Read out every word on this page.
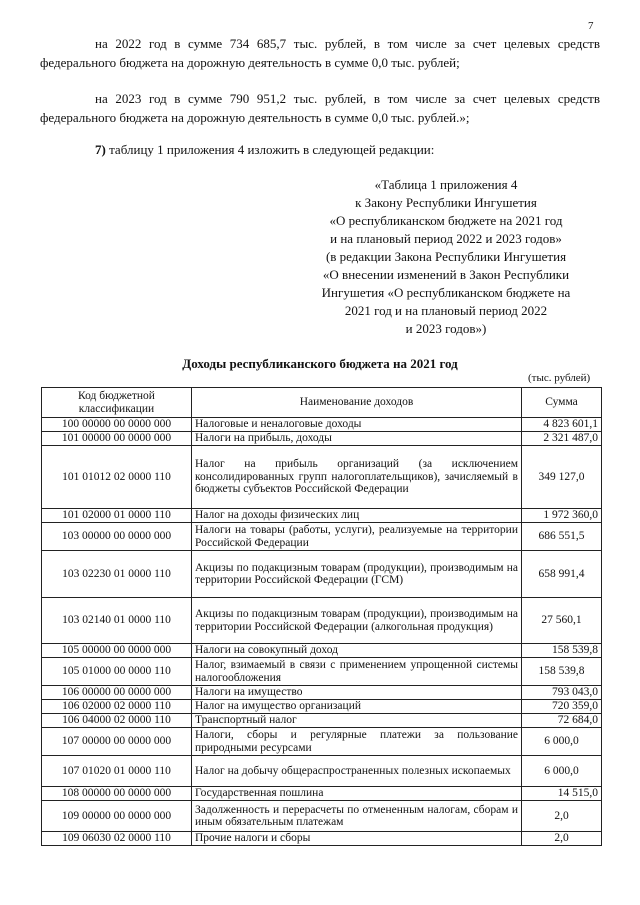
7

на 2022 год в сумме 734 685,7 тыс. рублей, в том числе за счет целевых средств федерального бюджета на дорожную деятельность в сумме 0,0 тыс. рублей;

на 2023 год в сумме 790 951,2 тыс. рублей, в том числе за счет целевых средств федерального бюджета на дорожную деятельность в сумме 0,0 тыс. рублей.»;

7) таблицу 1 приложения 4 изложить в следующей редакции:

«Таблица 1 приложения 4
к Закону Республики Ингушетия
«О республиканском бюджете на 2021 год
и на плановый период 2022 и 2023 годов»
(в редакции Закона Республики Ингушетия
«О внесении изменений в Закон Республики
Ингушетия «О республиканском бюджете на
2021 год и на плановый период 2022
и 2023 годов»)
Доходы республиканского бюджета на 2021 год
(тыс. рублей)
Код бюджетной классификации	Наименование доходов	Сумма
100 00000 00 0000 000	Налоговые и неналоговые доходы	4 823 601,1
101 00000 00 0000 000	Налоги на прибыль, доходы	2 321 487,0
101 01012 02 0000 110	Налог на прибыль организаций (за исключением консолидированных групп налогоплательщиков), зачисляемый в бюджеты субъектов Российской Федерации	349 127,0
101 02000 01 0000 110	Налог на доходы физических лиц	1 972 360,0
103 00000 00 0000 000	Налоги на товары (работы, услуги), реализуемые на территории Российской Федерации	686 551,5
103 02230 01 0000 110	Акцизы по подакцизным товарам (продукции), производимым на территории Российской Федерации (ГСМ)	658 991,4
103 02140 01 0000 110	Акцизы по подакцизным товарам (продукции), производимым на территории Российской Федерации (алкогольная продукция)	27 560,1
105 00000 00 0000 000	Налоги на совокупный доход	158 539,8
105 01000 00 0000 110	Налог, взимаемый в связи с применением упрощенной системы налогообложения	158 539,8
106 00000 00 0000 000	Налоги на имущество	793 043,0
106 02000 02 0000 110	Налог на имущество организаций	720 359,0
106 04000 02 0000 110	Транспортный налог	72 684,0
107 00000 00 0000 000	Налоги, сборы и регулярные платежи за пользование природными ресурсами	6 000,0
107 01020 01 0000 110	Налог на добычу общераспространенных полезных ископаемых	6 000,0
108 00000 00 0000 000	Государственная пошлина	14 515,0
109 00000 00 0000 000	Задолженность и перерасчеты по отмененным налогам, сборам и иным обязательным платежам	2,0
109 06030 02 0000 110	Прочие налоги и сборы	2,0
